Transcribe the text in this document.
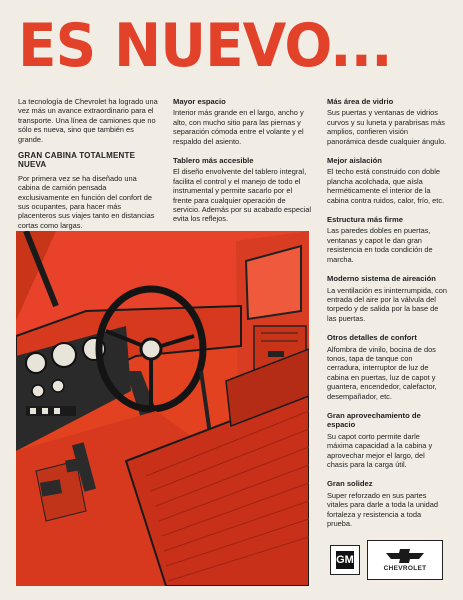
ES NUEVO...

La tecnología de Chevrolet ha logrado una vez más un avance extraordinario para el transporte. Una línea de camiones que no sólo es nueva, sino que también es grande.

GRAN CABINA TOTALMENTE NUEVA

Por primera vez se ha diseñado una cabina de camión pensada exclusivamente en función del confort de sus ocupantes, para hacer más placenteros sus viajes tanto en distancias cortas como largas.

Mayor espacio

Interior más grande en el largo, ancho y alto, con mucho sitio para las piernas y separación cómoda entre el volante y el respaldo del asiento.

Tablero más accesible

El diseño envolvente del tablero integral, facilita el control y el manejo de todo el instrumental y permite sacarlo por el frente para cualquier operación de servicio. Además por su acabado especial evita los reflejos.

Más área de vidrio

Sus puertas y ventanas de vidrios curvos y su luneta y parabrisas más amplios, confieren visión panorámica desde cualquier ángulo.

Mejor aislación

El techo está construido con doble plancha acolchada, que aísla herméticamente el interior de la cabina contra ruidos, calor, frío, etc.

Estructura más firme

Las paredes dobles en puertas, ventanas y capot le dan gran resistencia en toda condición de marcha.

Moderno sistema de aireación

La ventilación es ininterrumpida, con entrada del aire por la válvula del torpedo y de salida por la base de las puertas.

Otros detalles de confort

Alfombra de vinilo, bocina de dos tonos, tapa de tanque con cerradura, interruptor de luz de cabina en puertas, luz de capot y guantera, encendedor, calefactor, desempañador, etc.

Gran aprovechamiento de espacio

Su capot corto permite darle máxima capacidad a la cabina y aprovechar mejor el largo, del chasis para la carga útil.

Gran solidez

Super reforzado en sus partes vitales para darle a toda la unidad fortaleza y resistencia a toda prueba.

GM
CHEVROLET
